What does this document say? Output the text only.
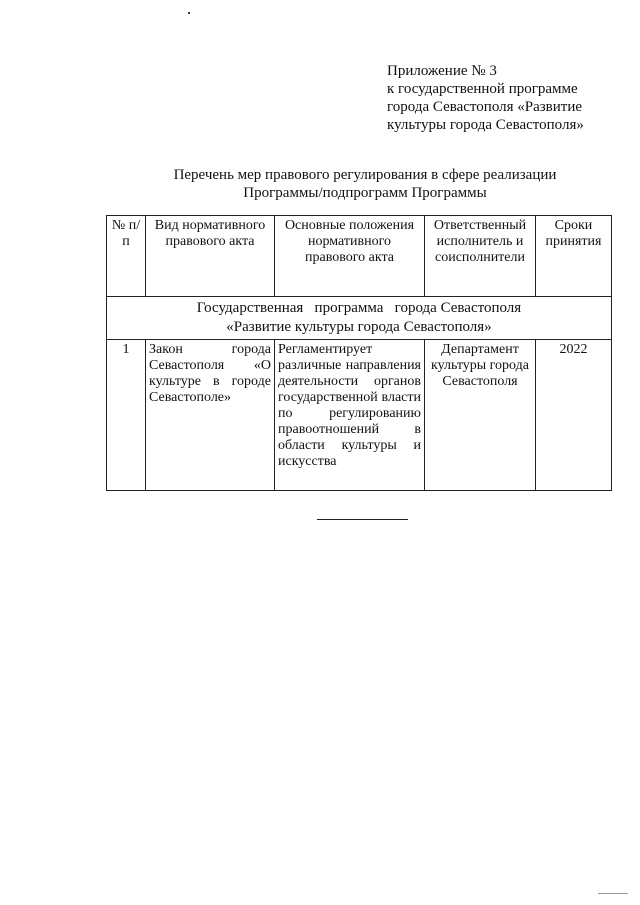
Приложение № 3
к государственной программе
города Севастополя «Развитие
культуры города Севастополя»
Перечень мер правового регулирования в сфере реализации
Программы/подпрограмм Программы
№ п/п	Вид нормативного правового акта	Основные положения нормативного правового акта	Ответственный исполнитель и соисполнители	Сроки принятия

Государственная   программа   города Севастополя
«Развитие культуры города Севастополя»				

1	Закон города Севастополя «О культуре в городе Севастополе»	Регламентирует различные направления деятельности органов государственной власти по регулированию правоотношений в области культуры и искусства	Департамент культуры города Севастополя	2022
